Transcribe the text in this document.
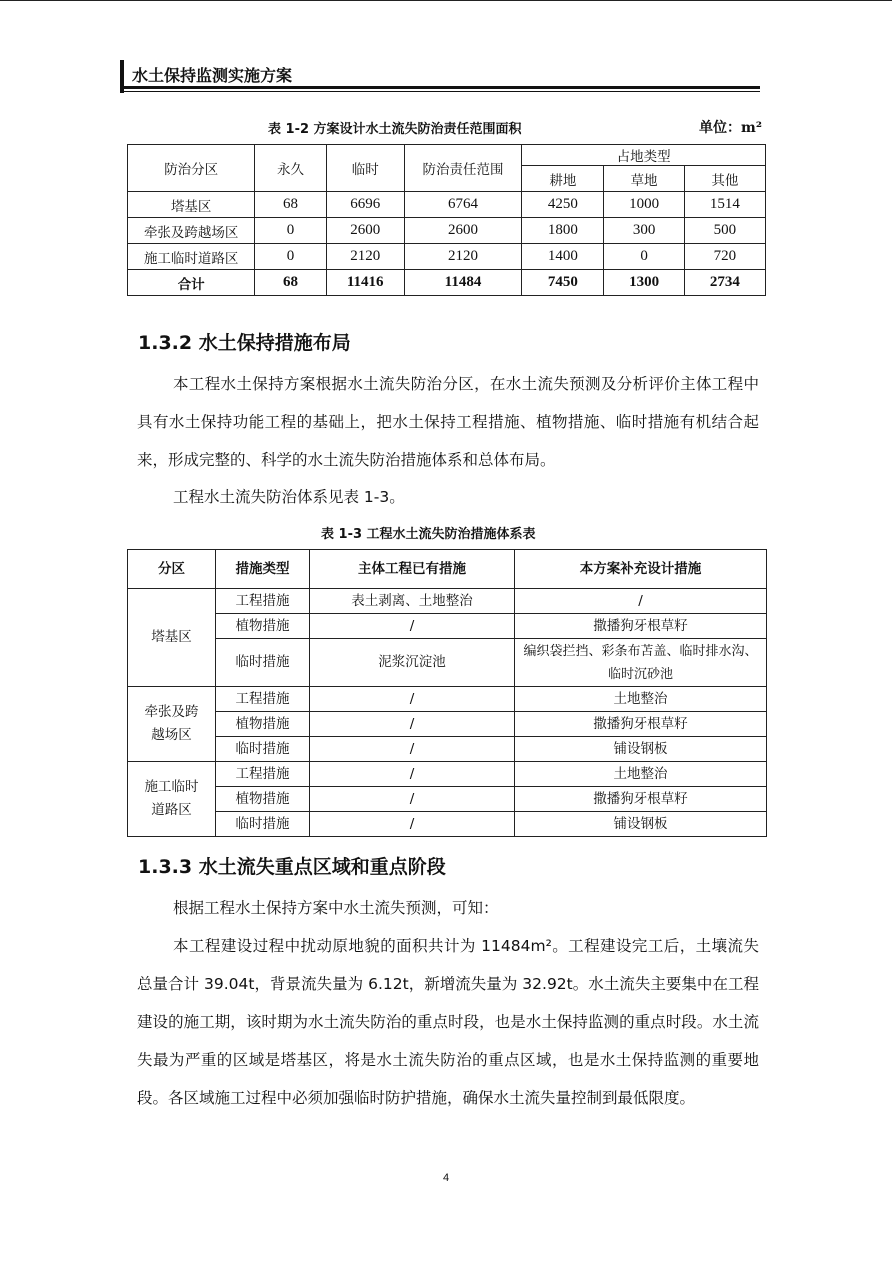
水土保持监测实施方案
表 1-2 方案设计水土流失防治责任范围面积	单位：m²
防治分区	永久	临时	防治责任范围	占地类型		
				耕地	草地	其他
塔基区	68	6696	6764	4250	1000	1514
牵张及跨越场区	0	2600	2600	1800	300	500
施工临时道路区	0	2120	2120	1400	0	720
合计	68	11416	11484	7450	1300	2734
1.3.2 水土保持措施布局
本工程水土保持方案根据水土流失防治分区，在水土流失预测及分析评价主体工程中具有水土保持功能工程的基础上，把水土保持工程措施、植物措施、临时措施有机结合起来，形成完整的、科学的水土流失防治措施体系和总体布局。
工程水土流失防治体系见表 1-3。
表 1-3 工程水土流失防治措施体系表
分区	措施类型	主体工程已有措施	本方案补充设计措施
塔基区	工程措施	表土剥离、土地整治	/
	植物措施	/	撒播狗牙根草籽
	临时措施	泥浆沉淀池	编织袋拦挡、彩条布苫盖、临时排水沟、临时沉砂池
牵张及跨越场区	工程措施	/	土地整治
	植物措施	/	撒播狗牙根草籽
	临时措施	/	铺设钢板
施工临时道路区	工程措施	/	土地整治
	植物措施	/	撒播狗牙根草籽
	临时措施	/	铺设钢板
1.3.3 水土流失重点区域和重点阶段
根据工程水土保持方案中水土流失预测，可知：
本工程建设过程中扰动原地貌的面积共计为 11484m²。工程建设完工后，土壤流失总量合计 39.04t，背景流失量为 6.12t，新增流失量为 32.92t。水土流失主要集中在工程建设的施工期，该时期为水土流失防治的重点时段，也是水土保持监测的重点时段。水土流失最为严重的区域是塔基区，将是水土流失防治的重点区域，也是水土保持监测的重要地段。各区域施工过程中必须加强临时防护措施，确保水土流失量控制到最低限度。
4
